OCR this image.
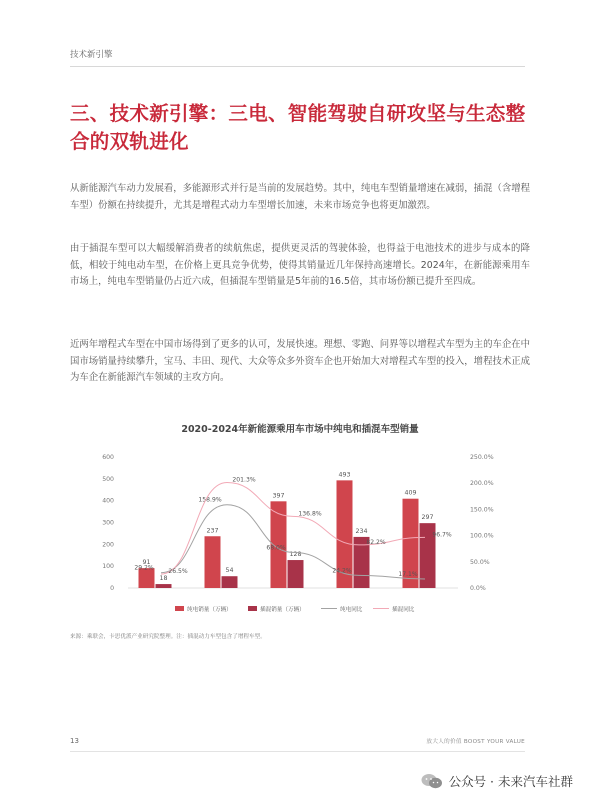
技术新引擎
三、技术新引擎：三电、智能驾驶自研攻坚与生态整合的双轨进化

从新能源汽车动力发展看，多能源形式并行是当前的发展趋势。其中，纯电车型销量增速在减弱，插混（含增程车型）份额在持续提升，尤其是增程式动力车型增长加速，未来市场竞争也将更加激烈。

由于插混车型可以大幅缓解消费者的续航焦虑，提供更灵活的驾驶体验，也得益于电池技术的进步与成本的降低，相较于纯电动车型，在价格上更具竞争优势，使得其销量近几年保持高速增长。2024年，在新能源乘用车市场上，纯电车型销量仍占近六成，但插混车型销量是5年前的16.5倍，其市场份额已提升至四成。

近两年增程式车型在中国市场得到了更多的认可，发展快速。理想、零跑、问界等以增程式车型为主的车企在中国市场销量持续攀升，宝马、丰田、现代、大众等众多外资车企也开始加大对增程式车型的投入，增程技术正成为车企在新能源汽车领域的主攻方向。

2020-2024年新能源乘用车市场中纯电和插混车型销量
0
100
200
300
400
500
600
0.0%
50.0%
100.0%
150.0%
200.0%
250.0%
91
237
397
493
409
18
54
128
234
297
29.2%
158.9%
68.0%
24.2%
17.1%
26.5%
201.3%
136.8%
82.2%
96.7%
纯电销量（万辆）	插混销量（万辆）	纯电同比	插混同比
来源：乘联会，卡思优派产业研究院整理。注：插混动力车型包含了增程车型。
13	放大人的价值 BOOST YOUR VALUE
公众号 · 未来汽车社群
